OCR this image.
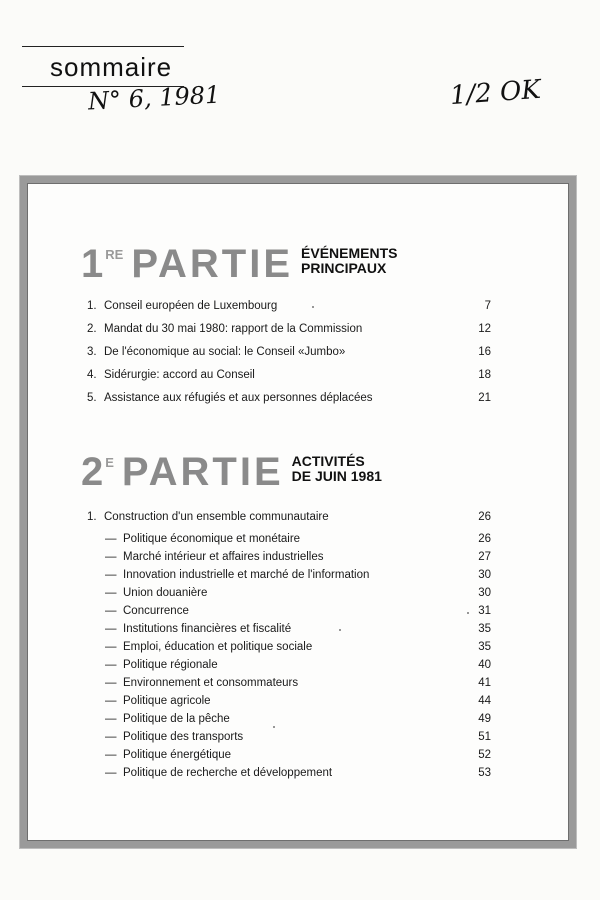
sommaire
N° 6, 1981	1/2 OK
1 RE PARTIE ÉVÉNEMENTS
PRINCIPAUX
1. Conseil européen de Luxembourg	7
2. Mandat du 30 mai 1980: rapport de la Commission	12
3. De l'économique au social: le Conseil «Jumbo»	16
4. Sidérurgie: accord au Conseil	18
5. Assistance aux réfugiés et aux personnes déplacées	21
2 E PARTIE ACTIVITÉS
DE JUIN 1981
1. Construction d'un ensemble communautaire	26
— Politique économique et monétaire	26
— Marché intérieur et affaires industrielles	27
— Innovation industrielle et marché de l'information	30
— Union douanière	30
— Concurrence	31
— Institutions financières et fiscalité	35
— Emploi, éducation et politique sociale	35
— Politique régionale	40
— Environnement et consommateurs	41
— Politique agricole	44
— Politique de la pêche	49
— Politique des transports	51
— Politique énergétique	52
— Politique de recherche et développement	53
